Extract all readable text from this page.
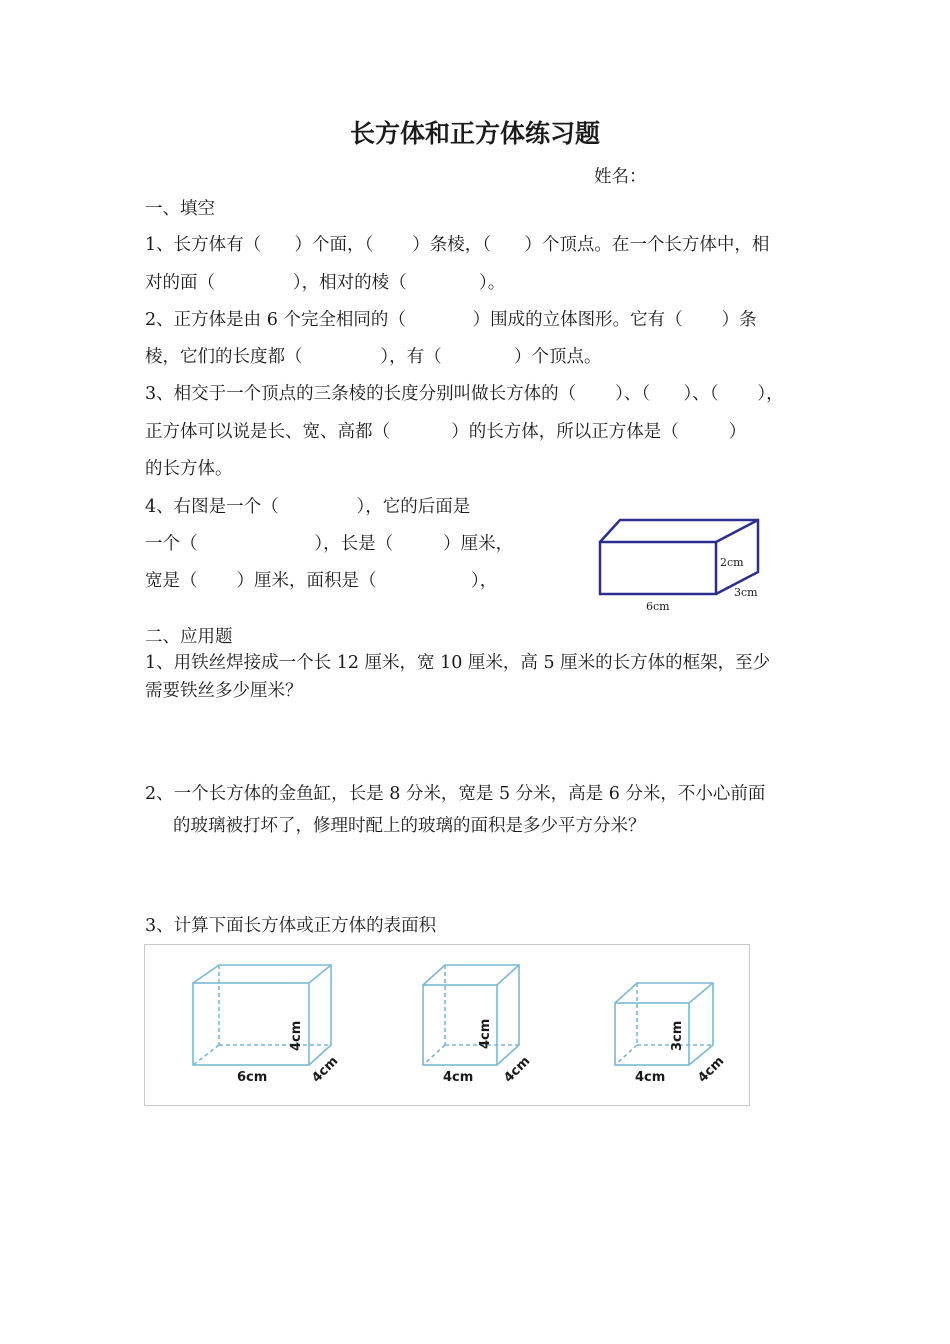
长方体和正方体练习题
姓名：
一、填空
1、长方体有（      ）个面，（       ）条棱，（      ）个顶点。在一个长方体中，相
对的面（              ），相对的棱（             ）。
2、正方体是由 6 个完全相同的（            ）围成的立体图形。它有（       ）条
棱，它们的长度都（              ），有（             ）个顶点。
3、相交于一个顶点的三条棱的长度分别叫做长方体的（       ）、（      ）、（       ），
正方体可以说是长、宽、高都（           ）的长方体，所以正方体是（         ）
的长方体。
4、右图是一个（              ），它的后面是
一个（                     ），长是（         ）厘米，
宽是（       ）厘米，面积是（                 ），
2cm
6cm
3cm
二、应用题
1、用铁丝焊接成一个长 12 厘米，宽 10 厘米，高 5 厘米的长方体的框架，至少
需要铁丝多少厘米？
2、一个长方体的金鱼缸，长是 8 分米，宽是 5 分米，高是 6 分米，不小心前面
的玻璃被打坏了，修理时配上的玻璃的面积是多少平方分米？
3、计算下面长方体或正方体的表面积
6cm
4cm
4cm	4cm
4cm
4cm	4cm
3cm
4cm
